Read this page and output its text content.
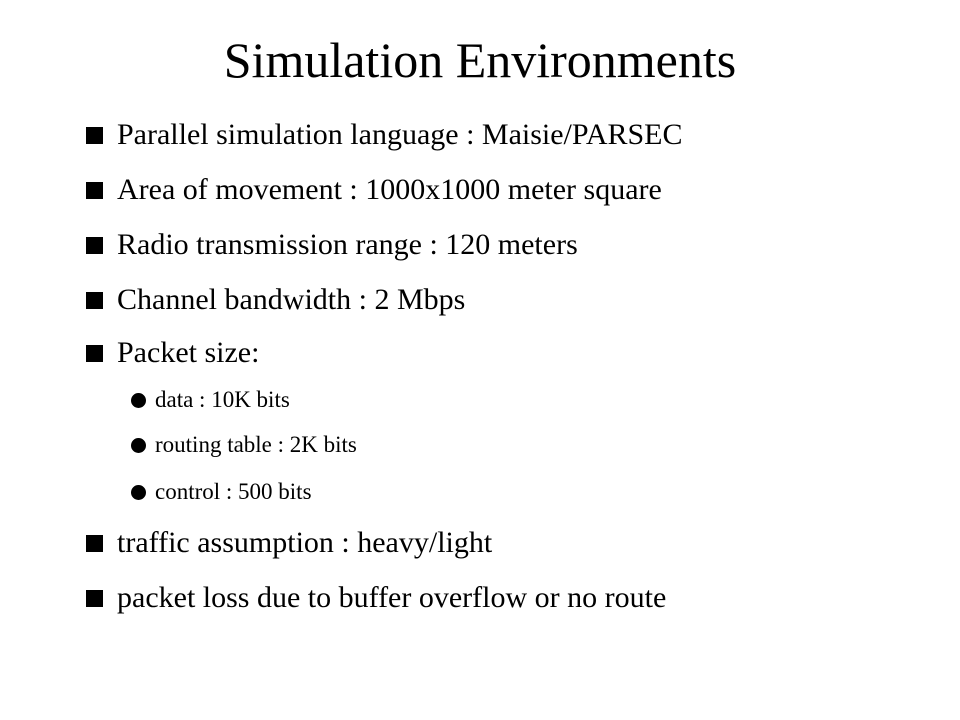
Simulation Environments
Parallel simulation language : Maisie/PARSEC
Area of movement : 1000x1000 meter square
Radio transmission range : 120 meters
Channel bandwidth : 2 Mbps
Packet size:
data : 10K bits
routing table : 2K bits
control : 500 bits
traffic assumption : heavy/light
packet loss due to buffer overflow or no route
